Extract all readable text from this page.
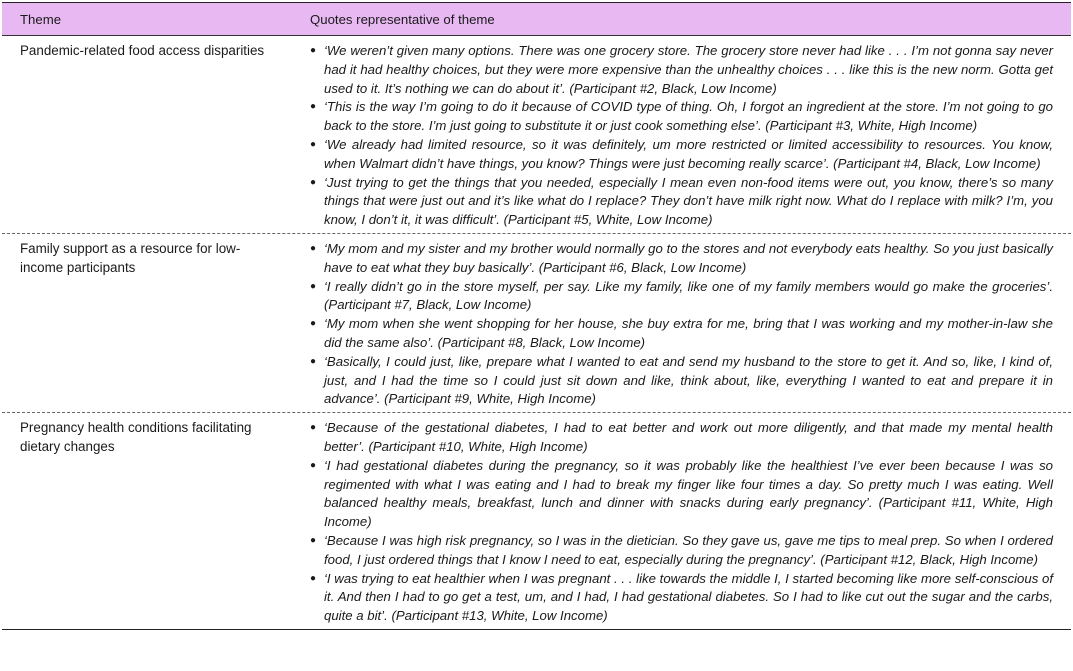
Theme	Quotes representative of theme
Pandemic-related food access disparities	● ‘We weren’t given many options. There was one grocery store. The grocery store never had like . . . I’m not gonna say never had it had healthy choices, but they were more expensive than the unhealthy choices . . . like this is the new norm. Gotta get used to it. It’s nothing we can do about it’. (Participant #2, Black, Low Income)
● ‘This is the way I’m going to do it because of COVID type of thing. Oh, I forgot an ingredient at the store. I’m not going to go back to the store. I’m just going to substitute it or just cook something else’. (Participant #3, White, High Income)
● ‘We already had limited resource, so it was definitely, um more restricted or limited accessibility to resources. You know, when Walmart didn’t have things, you know? Things were just becoming really scarce’. (Participant #4, Black, Low Income)
● ‘Just trying to get the things that you needed, especially I mean even non-food items were out, you know, there’s so many things that were just out and it’s like what do I replace? They don’t have milk right now. What do I replace with milk? I’m, you know, I don’t it, it was difficult’. (Participant #5, White, Low Income)
Family support as a resource for low-income participants
● ‘My mom and my sister and my brother would normally go to the stores and not everybody eats healthy. So you just basically have to eat what they buy basically’. (Participant #6, Black, Low Income)
● ‘I really didn’t go in the store myself, per say. Like my family, like one of my family members would go make the groceries’. (Participant #7, Black, Low Income)
● ‘My mom when she went shopping for her house, she buy extra for me, bring that I was working and my mother-in-law she did the same also’. (Participant #8, Black, Low Income)
● ‘Basically, I could just, like, prepare what I wanted to eat and send my husband to the store to get it. And so, like, I kind of, just, and I had the time so I could just sit down and like, think about, like, everything I wanted to eat and prepare it in advance’. (Participant #9, White, High Income)
Pregnancy health conditions facilitating dietary changes
● ‘Because of the gestational diabetes, I had to eat better and work out more diligently, and that made my mental health better’. (Participant #10, White, High Income)
● ‘I had gestational diabetes during the pregnancy, so it was probably like the healthiest I’ve ever been because I was so regimented with what I was eating and I had to break my finger like four times a day. So pretty much I was eating. Well balanced healthy meals, breakfast, lunch and dinner with snacks during early pregnancy’. (Participant #11, White, High Income)
● ‘Because I was high risk pregnancy, so I was in the dietician. So they gave us, gave me tips to meal prep. So when I ordered food, I just ordered things that I know I need to eat, especially during the pregnancy’. (Participant #12, Black, High Income)
● ‘I was trying to eat healthier when I was pregnant . . . like towards the middle I, I started becoming like more self-conscious of it. And then I had to go get a test, um, and I had, I had gestational diabetes. So I had to like cut out the sugar and the carbs, quite a bit’. (Participant #13, White, Low Income)
